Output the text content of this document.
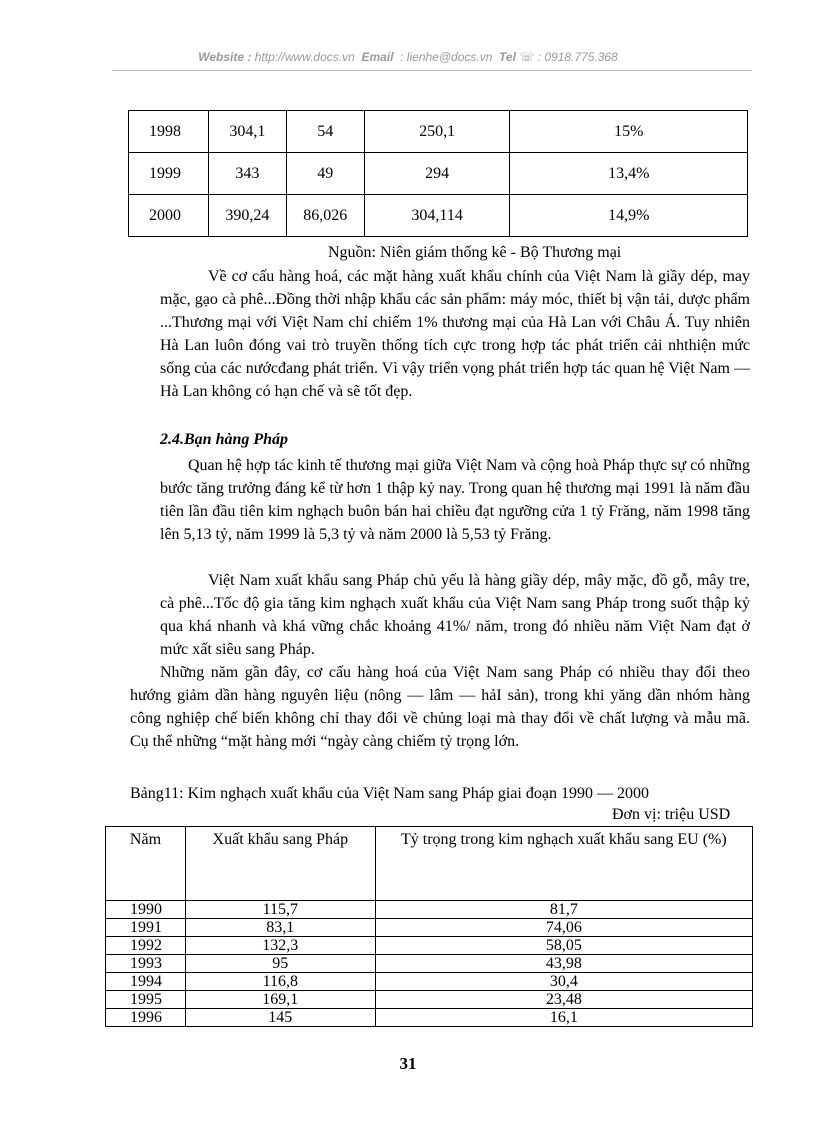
Website : http://www.docs.vn Email : lienhe@docs.vn Tel ☏ : 0918.775.368
1998	304,1	54	250,1	15%
1999	343	49	294	13,4%
2000	390,24	86,026	304,114	14,9%
Nguồn: Niên giám thống kê - Bộ Thương mại

Về cơ cấu hàng hoá, các mặt hàng xuất khẩu chính của Việt Nam là giầy dép, may mặc, gạo cà phê...Đồng thời nhập khẩu các sản phẩm: máy móc, thiết bị vận tải, dược phẩm ...Thương mại với Việt Nam chỉ chiếm 1% thương mại của Hà Lan với Châu Á. Tuy nhiên Hà Lan luôn đóng vai trò truyền thống tích cực trong hợp tác phát triển cải nhthiện mức sống của các nướcđang phát triển. Vì vậy triển vọng phát triển hợp tác quan hệ Việt Nam — Hà Lan không có hạn chế và sẽ tốt đẹp.

2.4.Bạn hàng Pháp

Quan hệ hợp tác kinh tế thương mại giữa Việt Nam và cộng hoà Pháp thực sự có những bước tăng trưởng đáng kể từ hơn 1 thập kỷ nay. Trong quan hệ thương mại 1991 là năm đầu tiên lần đầu tiên kim nghạch buôn bán hai chiều đạt ngưỡng cửa 1 tỷ Frăng, năm 1998 tăng lên 5,13 tỷ, năm 1999 là 5,3 tỷ và năm 2000 là 5,53 tỷ Frăng.

Việt Nam xuất khẩu sang Pháp chủ yếu là hàng giầy dép, mây mặc, đồ gỗ, mây tre, cà phê...Tốc độ gia tăng kim nghạch xuất khẩu của Việt Nam sang Pháp trong suốt thập kỷ qua khá nhanh và khá vững chắc khoảng 41%/ năm, trong đó nhiều năm Việt Nam đạt ở mức xất siêu sang Pháp.

Những năm gần đây, cơ cấu hàng hoá của Việt Nam sang Pháp có nhiều thay đổi theo hướng giảm dần hàng nguyên liệu (nông — lâm — hảI sản), trong khi yăng dần nhóm hàng công nghiệp chế biến không chỉ thay đổi về chủng loại mà thay đổi về chất lượng và mẫu mã. Cụ thể những “mặt hàng mới “ngày càng chiếm tỷ trọng lớn.

Bảng11: Kim nghạch xuất khẩu của Việt Nam sang Pháp giai đoạn 1990 — 2000
Đơn vị: triệu USD
Năm	Xuất khẩu sang Pháp	Tỷ trọng trong kim nghạch xuất khẩu sang EU (%)
1990	115,7	81,7
1991	83,1	74,06
1992	132,3	58,05
1993	95	43,98
1994	116,8	30,4
1995	169,1	23,48
1996	145	16,1
31
